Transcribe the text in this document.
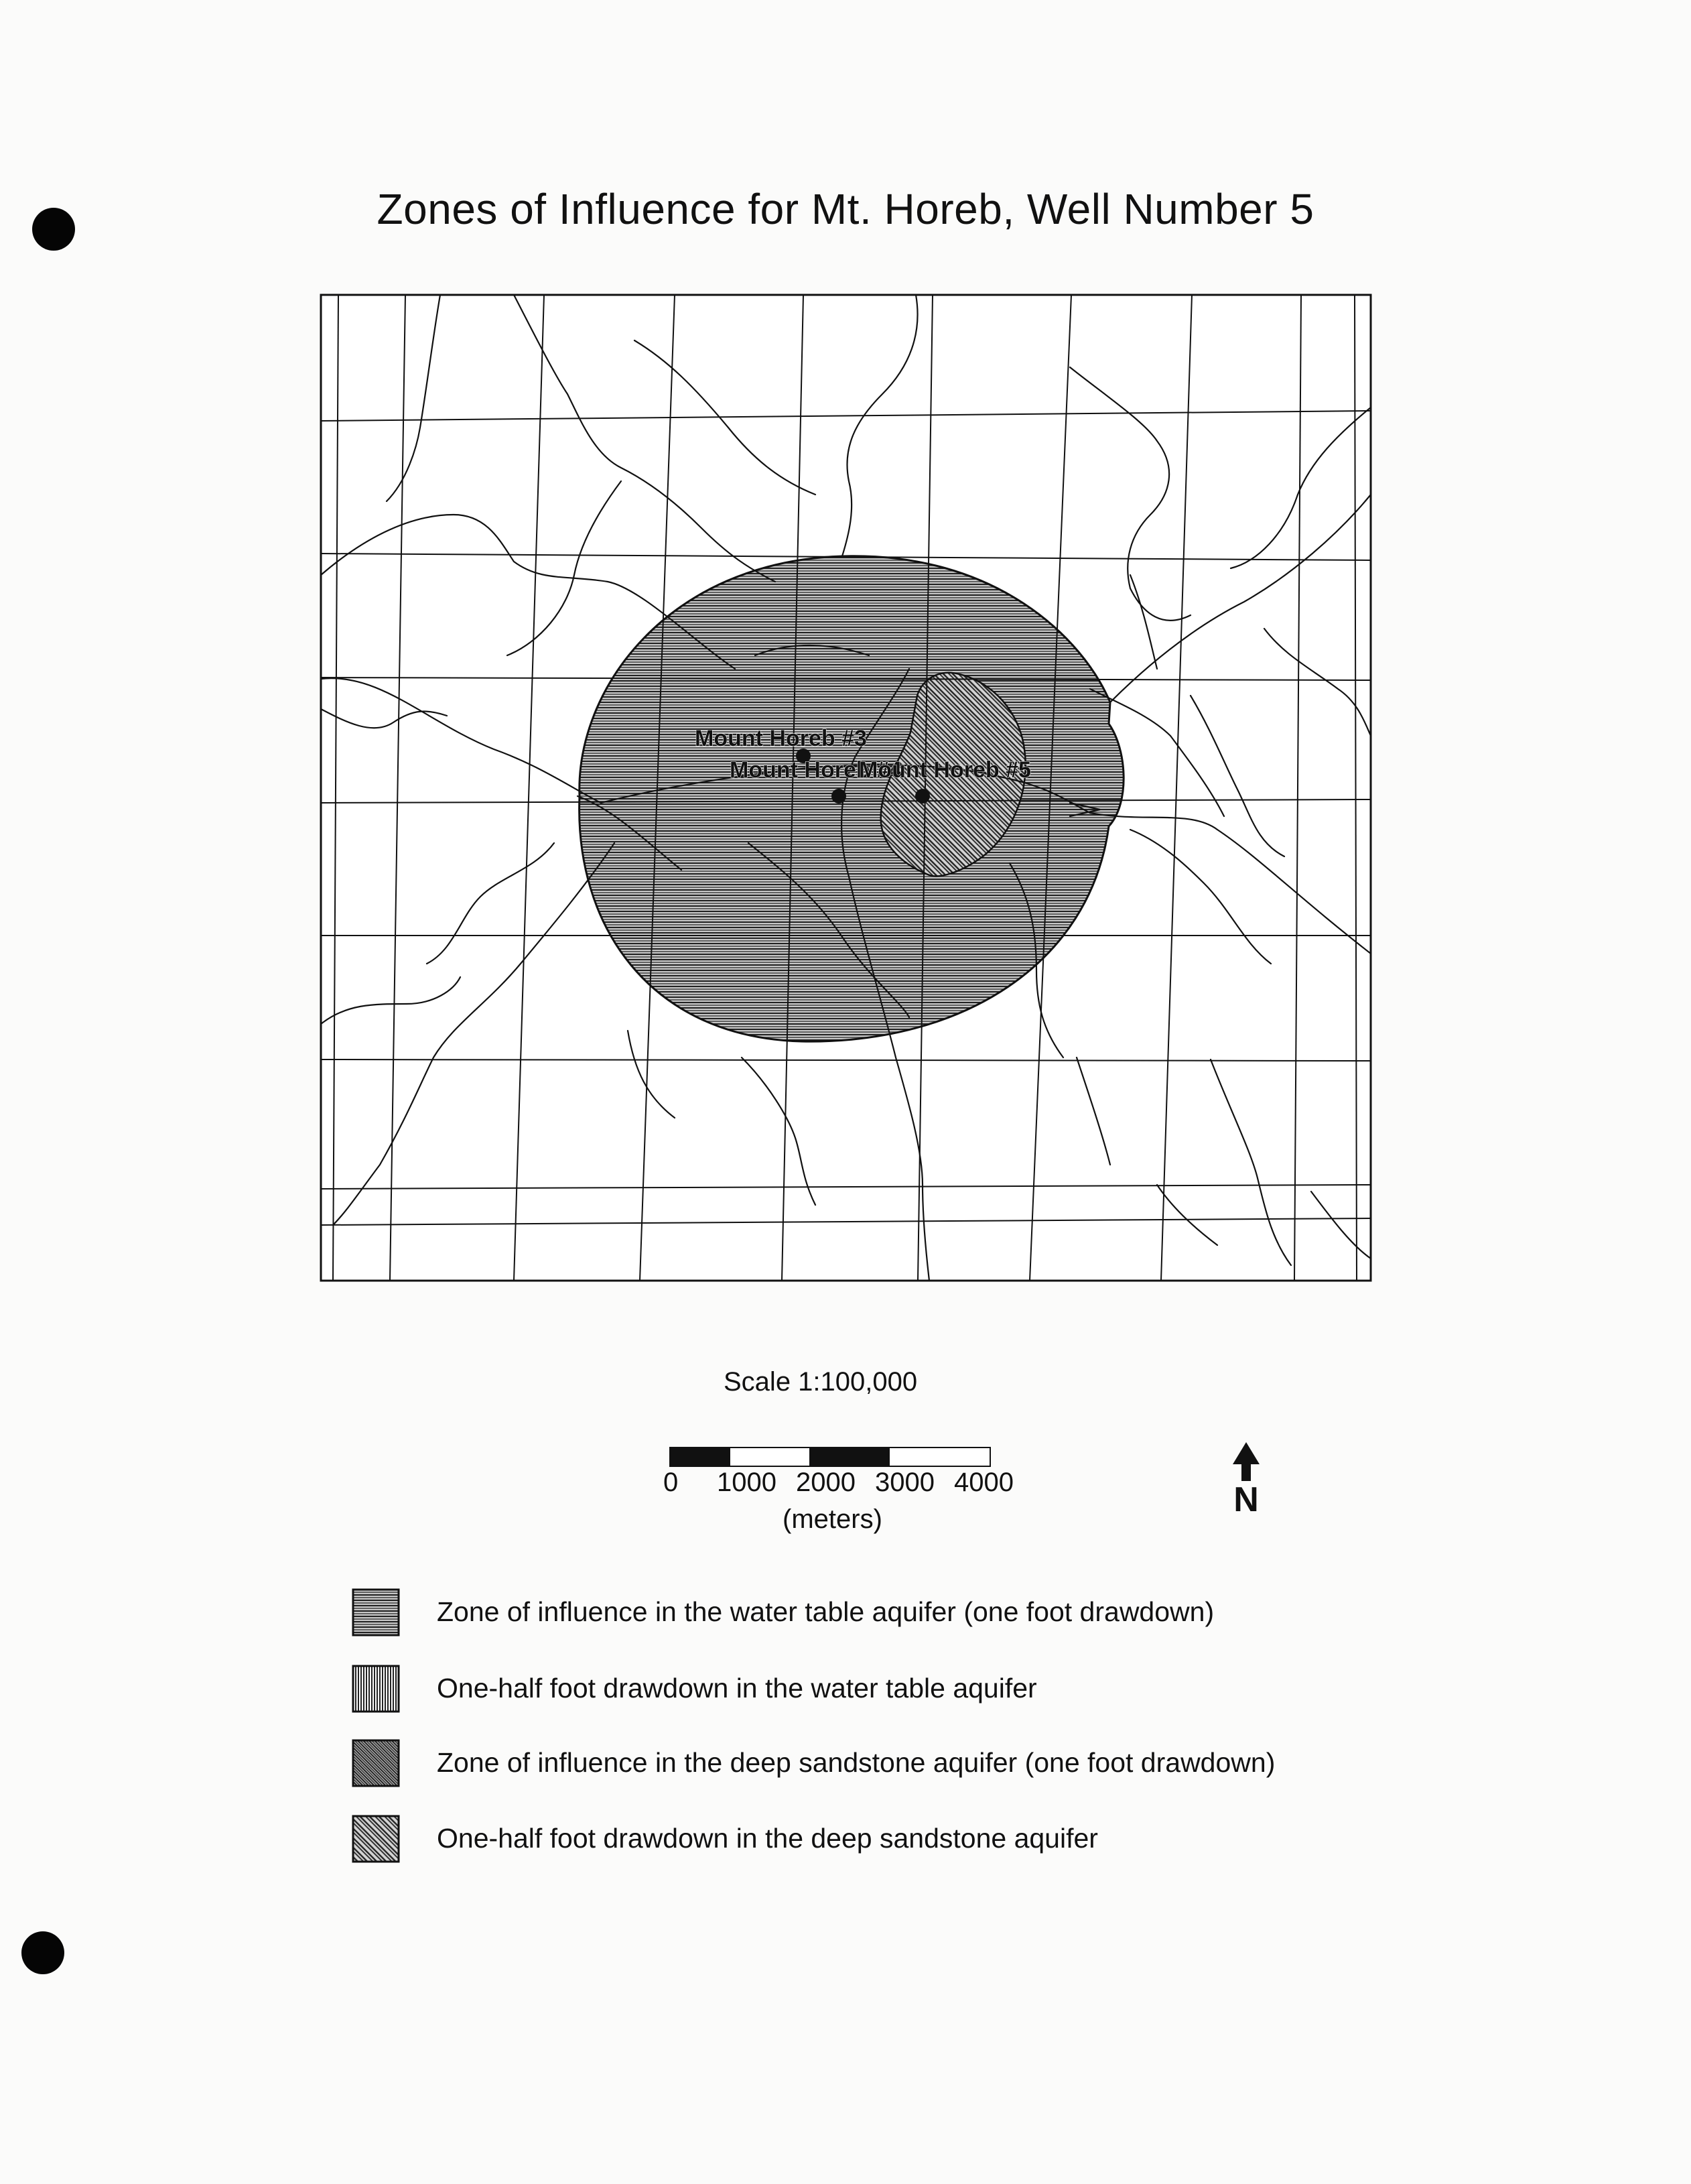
Zones of Influence for Mt. Horeb, Well Number 5
Mount Horeb #3
Mount Horeb #4
Mount Horeb #5
Scale 1:100,000
0 1000 2000 3000 4000
(meters)	N
Zone of influence in the water table aquifer (one foot drawdown)
One-half foot drawdown in the water table aquifer
Zone of influence in the deep sandstone aquifer (one foot drawdown)
One-half foot drawdown in the deep sandstone aquifer
